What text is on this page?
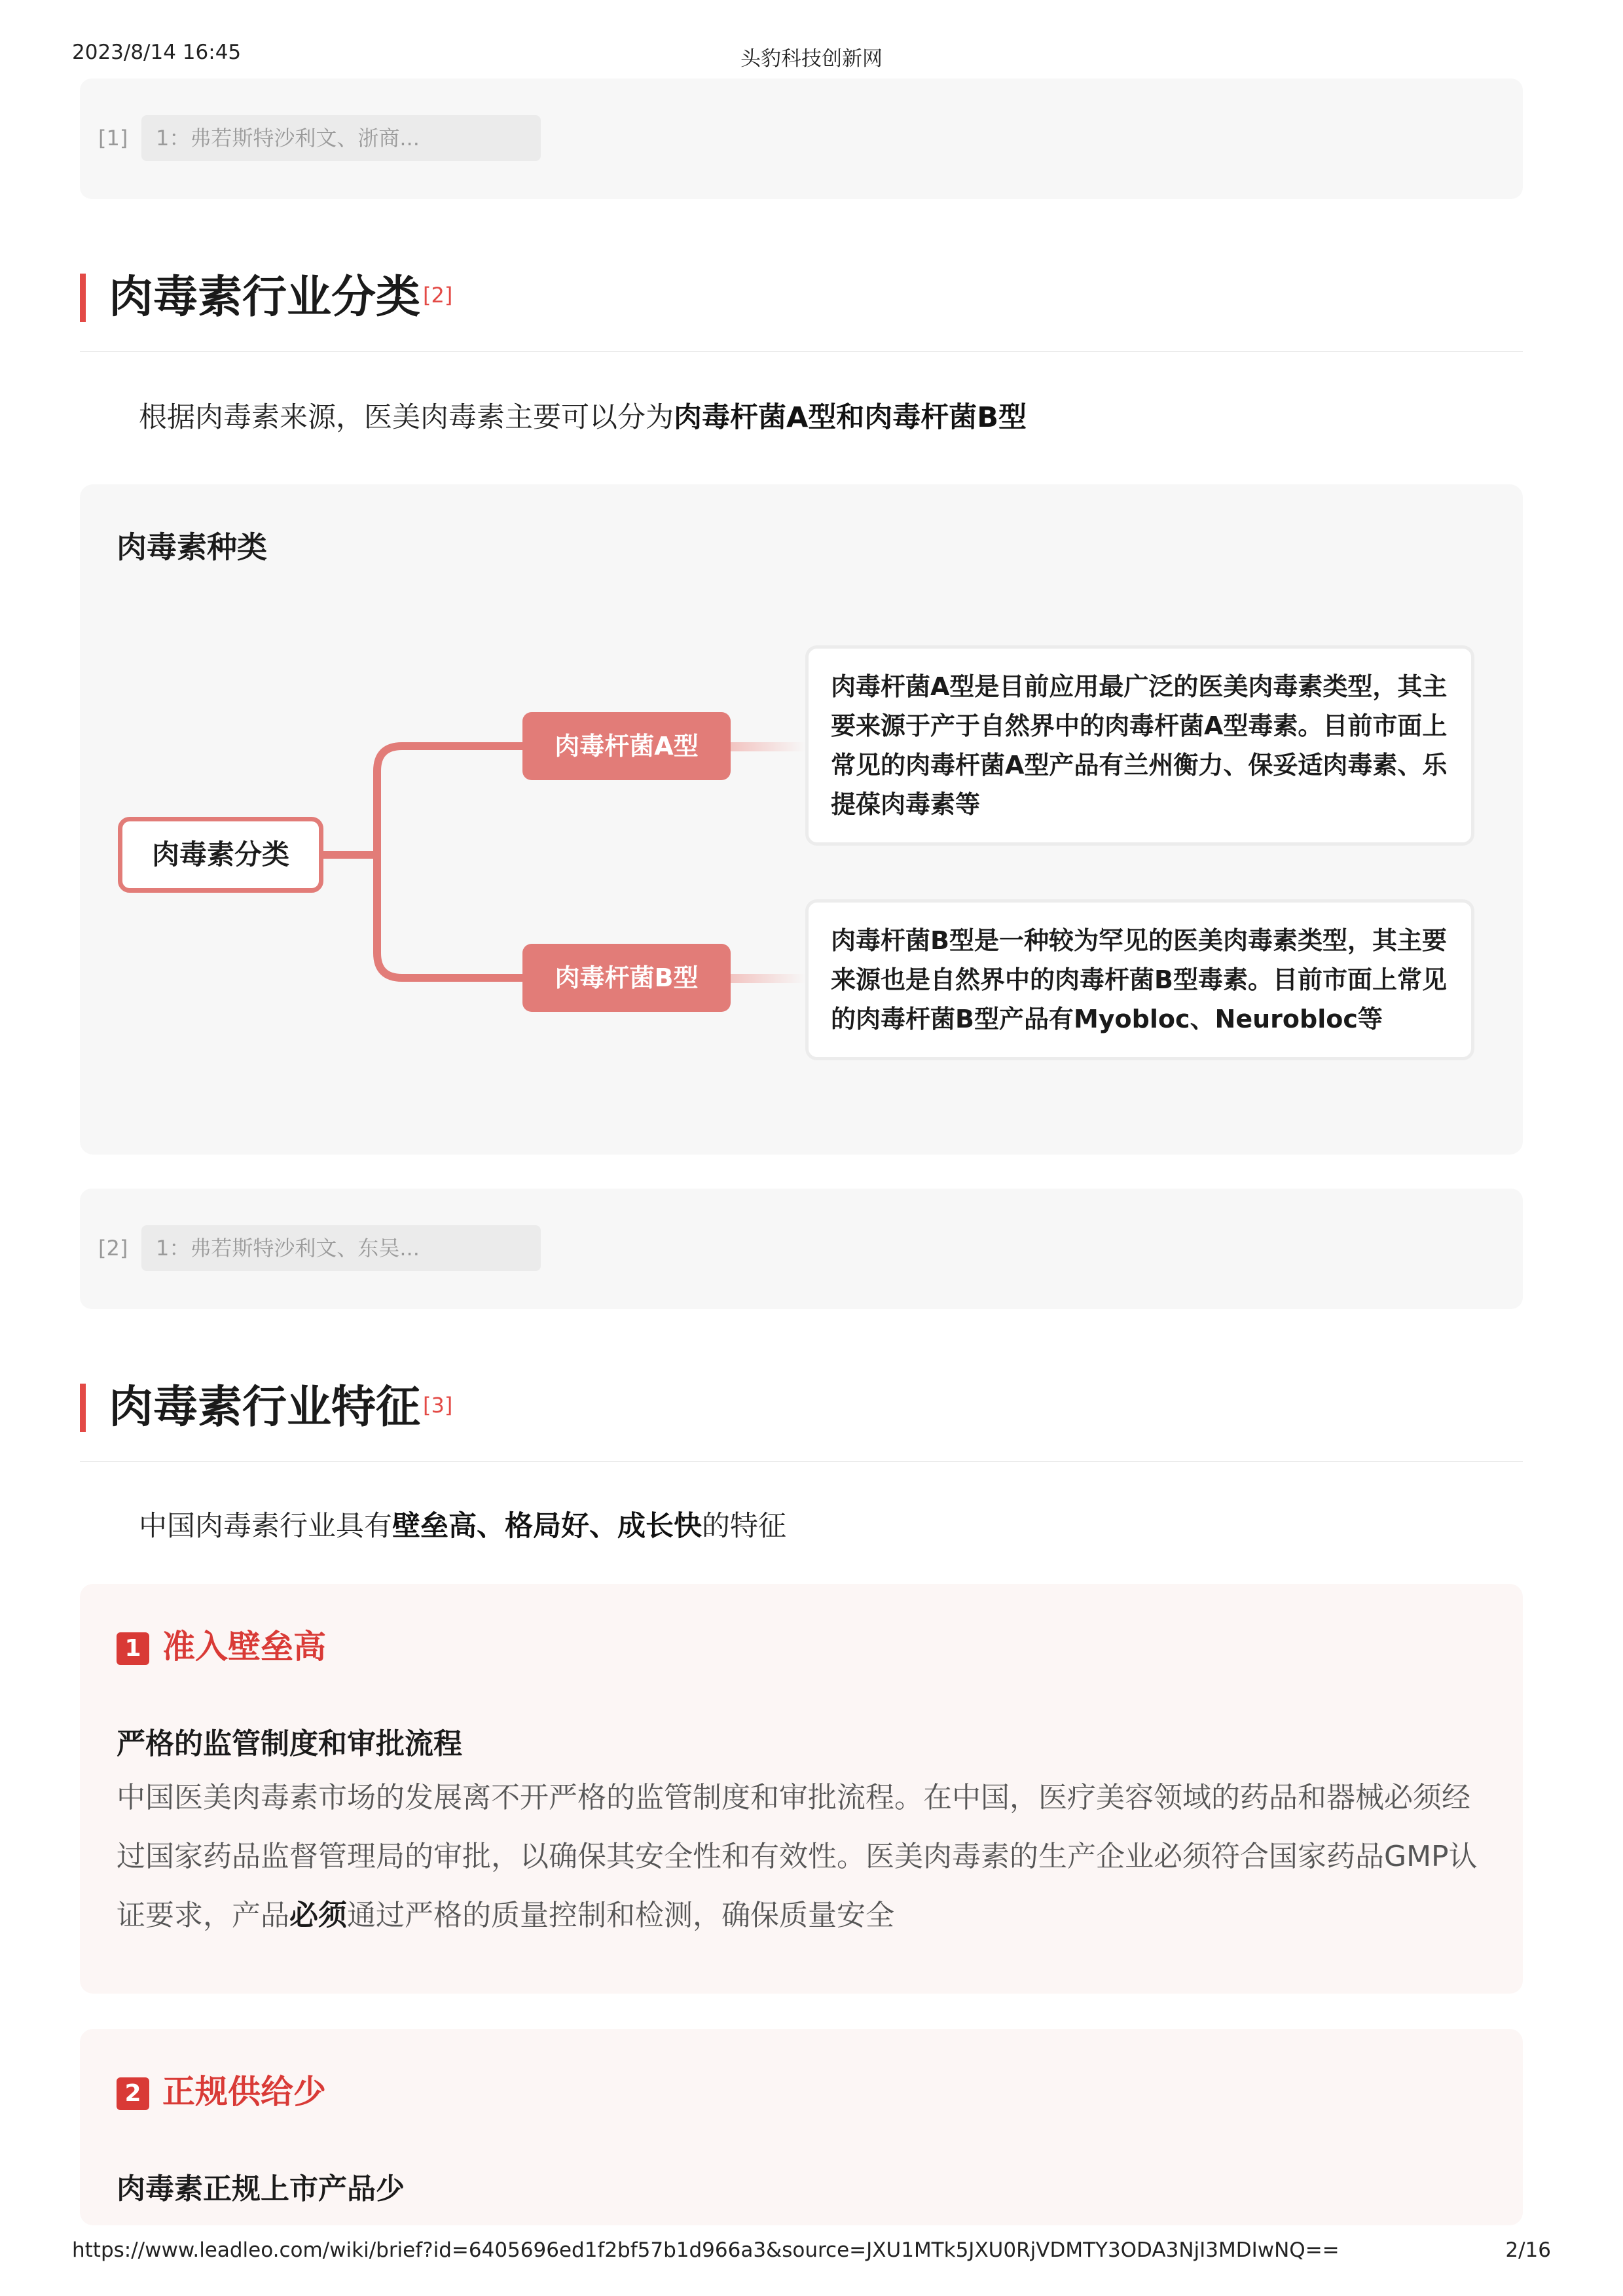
2023/8/14 16:45	头豹科技创新网
[1]	1：弗若斯特沙利文、浙商...
肉毒素行业分类 [2]
根据肉毒素来源，医美肉毒素主要可以分为肉毒杆菌A型和肉毒杆菌B型
肉毒素种类
肉毒素分类
肉毒杆菌A型
肉毒杆菌B型
肉毒杆菌A型是目前应用最广泛的医美肉毒素类型，其主要来源于产于自然界中的肉毒杆菌A型毒素。目前市面上常见的肉毒杆菌A型产品有兰州衡力、保妥适肉毒素、乐提葆肉毒素等
肉毒杆菌B型是一种较为罕见的医美肉毒素类型，其主要来源也是自然界中的肉毒杆菌B型毒素。目前市面上常见的肉毒杆菌B型产品有Myobloc、Neurobloc等
[2]	1：弗若斯特沙利文、东吴...
肉毒素行业特征 [3]
中国肉毒素行业具有壁垒高、格局好、成长快的特征
1 准入壁垒高
严格的监管制度和审批流程
中国医美肉毒素市场的发展离不开严格的监管制度和审批流程。在中国，医疗美容领域的药品和器械必须经过国家药品监督管理局的审批，以确保其安全性和有效性。医美肉毒素的生产企业必须符合国家药品GMP认证要求，产品必须通过严格的质量控制和检测，确保质量安全
2 正规供给少
肉毒素正规上市产品少
https://www.leadleo.com/wiki/brief?id=6405696ed1f2bf57b1d966a3&source=JXU1MTk5JXU0RjVDMTY3ODA3NjI3MDIwNQ==	2/16
